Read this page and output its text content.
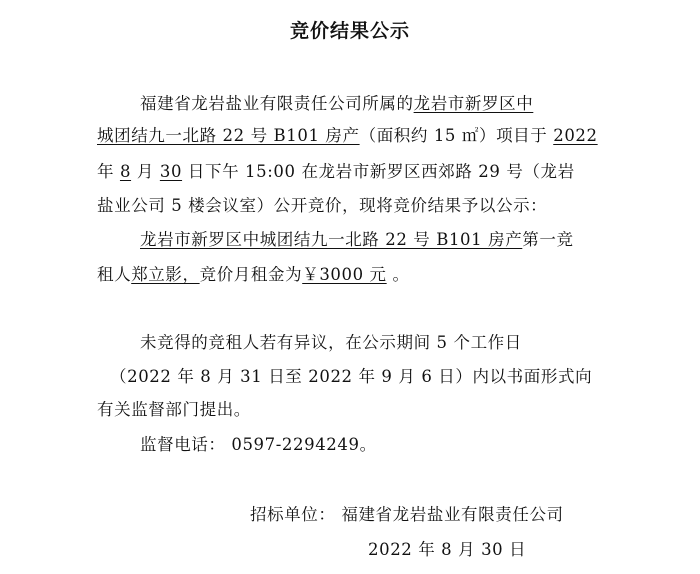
竞价结果公示
福建省龙岩盐业有限责任公司所属的龙岩市新罗区中
城团结九一北路 22 号 B101 房产（面积约 15 ㎡）项目于 2022
年 8 月 30 日下午 15:00 在龙岩市新罗区西郊路 29 号（龙岩
盐业公司 5 楼会议室）公开竞价，现将竞价结果予以公示：
龙岩市新罗区中城团结九一北路 22 号 B101 房产第一竞
租人郑立影，竞价月租金为￥3000 元 。
未竞得的竞租人若有异议，在公示期间 5 个工作日
（2022 年 8 月 31 日至 2022 年 9 月 6 日）内以书面形式向
有关监督部门提出。
监督电话： 0597-2294249。
招标单位： 福建省龙岩盐业有限责任公司
2022 年 8 月 30 日
